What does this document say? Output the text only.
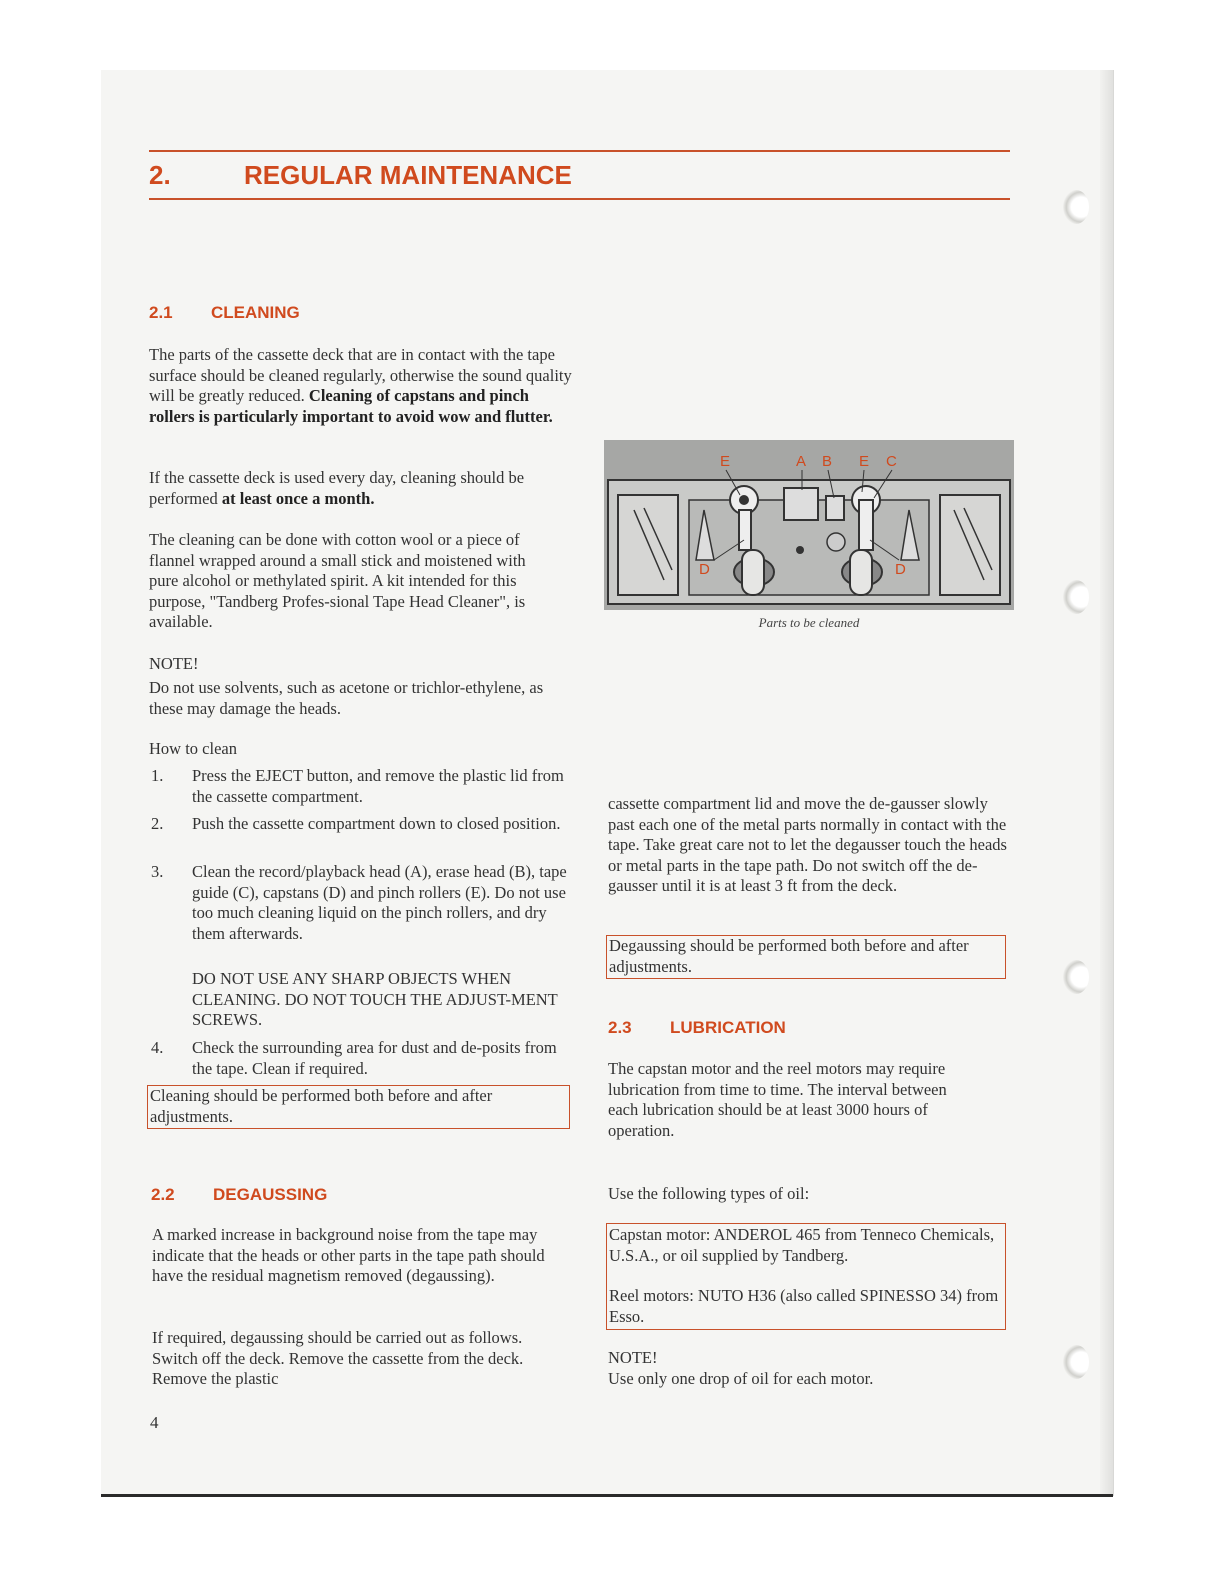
2.	REGULAR MAINTENANCE
2.1 CLEANING
The parts of the cassette deck that are in contact with the tape surface should be cleaned regularly, otherwise the sound quality will be greatly reduced. Cleaning of capstans and pinch rollers is particularly important to avoid wow and flutter.
If the cassette deck is used every day, cleaning should be performed at least once a month.
The cleaning can be done with cotton wool or a piece of flannel wrapped around a small stick and moistened with pure alcohol or methylated spirit. A kit intended for this purpose, "Tandberg Profes-sional Tape Head Cleaner", is available.
NOTE!
Do not use solvents, such as acetone or trichlor-ethylene, as these may damage the heads.
How to clean
1. Press the EJECT button, and remove the plastic lid from the cassette compartment.
2. Push the cassette compartment down to closed position.
3. Clean the record/playback head (A), erase head (B), tape guide (C), capstans (D) and pinch rollers (E). Do not use too much cleaning liquid on the pinch rollers, and dry them afterwards.
DO NOT USE ANY SHARP OBJECTS WHEN CLEANING. DO NOT TOUCH THE ADJUST-MENT SCREWS.
4. Check the surrounding area for dust and de-posits from the tape. Clean if required.
Cleaning should be performed both before and after adjustments.
2.2 DEGAUSSING
A marked increase in background noise from the tape may indicate that the heads or other parts in the tape path should have the residual magnetism removed (degaussing).
If required, degaussing should be carried out as follows. Switch off the deck. Remove the cassette from the deck. Remove the plastic
E	A B E C
D	D
Parts to be cleaned
cassette compartment lid and move the de-gausser slowly past each one of the metal parts normally in contact with the tape. Take great care not to let the degausser touch the heads or metal parts in the tape path. Do not switch off the de-gausser until it is at least 3 ft from the deck.
Degaussing should be performed both before and after adjustments.
2.3 LUBRICATION
The capstan motor and the reel motors may require lubrication from time to time. The interval between each lubrication should be at least 3000 hours of operation.
Use the following types of oil:
Capstan motor: ANDEROL 465 from Tenneco Chemicals, U.S.A., or oil supplied by Tandberg.
Reel motors: NUTO H36 (also called SPINESSO 34) from Esso.
NOTE!
Use only one drop of oil for each motor.
4
